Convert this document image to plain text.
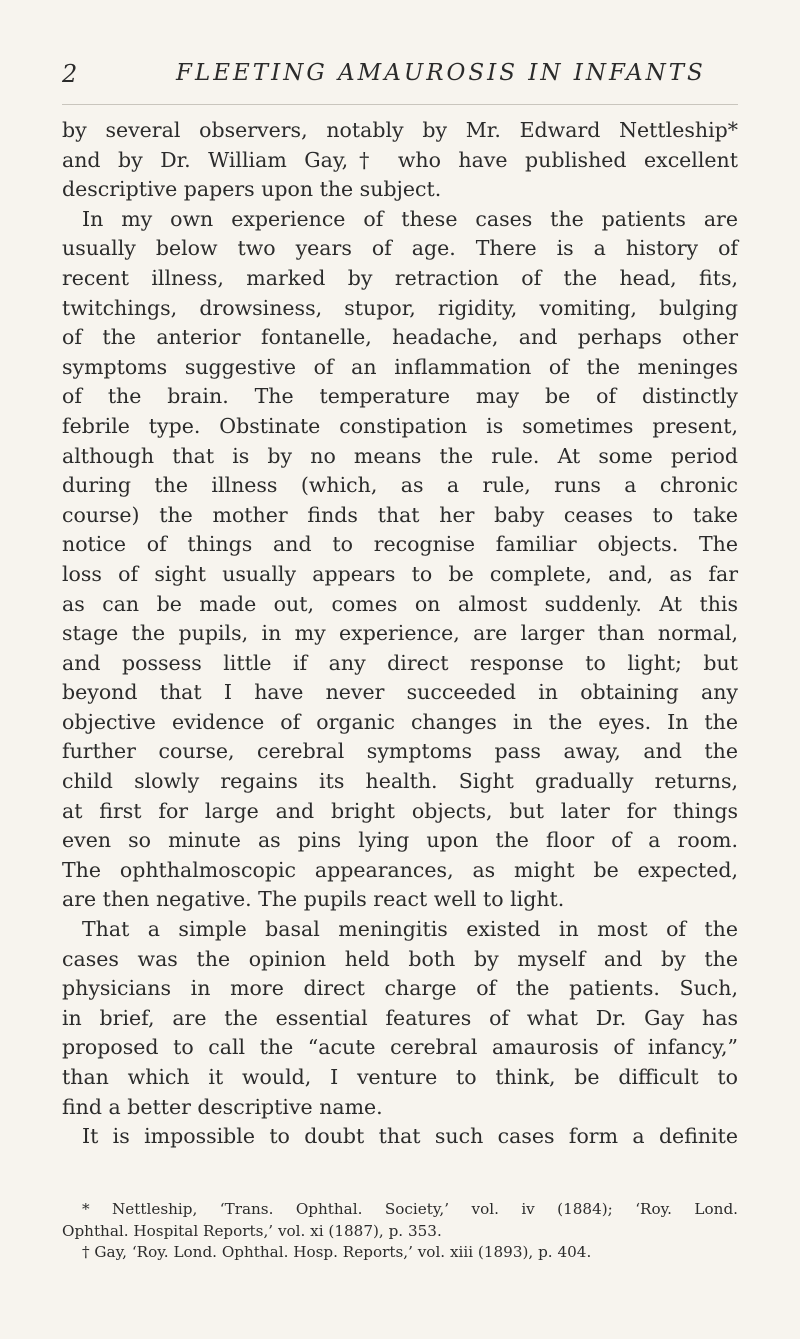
2	FLEETING AMAUROSIS IN INFANTS
by several observers, notably by Mr. Edward Nettleship*
and by Dr. William Gay,† who have published excellent
descriptive papers upon the subject.
In my own experience of these cases the patients are
usually below two years of age. There is a history of
recent illness, marked by retraction of the head, fits,
twitchings, drowsiness, stupor, rigidity, vomiting, bulging
of the anterior fontanelle, headache, and perhaps other
symptoms suggestive of an inflammation of the meninges
of the brain. The temperature may be of distinctly
febrile type. Obstinate constipation is sometimes present,
although that is by no means the rule. At some period
during the illness (which, as a rule, runs a chronic
course) the mother finds that her baby ceases to take
notice of things and to recognise familiar objects. The
loss of sight usually appears to be complete, and, as far
as can be made out, comes on almost suddenly. At this
stage the pupils, in my experience, are larger than normal,
and possess little if any direct response to light; but
beyond that I have never succeeded in obtaining any
objective evidence of organic changes in the eyes. In the
further course, cerebral symptoms pass away, and the
child slowly regains its health. Sight gradually returns,
at first for large and bright objects, but later for things
even so minute as pins lying upon the floor of a room.
The ophthalmoscopic appearances, as might be expected,
are then negative. The pupils react well to light.
That a simple basal meningitis existed in most of the
cases was the opinion held both by myself and by the
physicians in more direct charge of the patients. Such,
in brief, are the essential features of what Dr. Gay has
proposed to call the “acute cerebral amaurosis of infancy,”
than which it would, I venture to think, be difficult to
find a better descriptive name.
It is impossible to doubt that such cases form a definite
* Nettleship, ‘Trans. Ophthal. Society,’ vol. iv (1884); ‘Roy. Lond.
Ophthal. Hospital Reports,’ vol. xi (1887), p. 353.
† Gay, ‘Roy. Lond. Ophthal. Hosp. Reports,’ vol. xiii (1893), p. 404.
